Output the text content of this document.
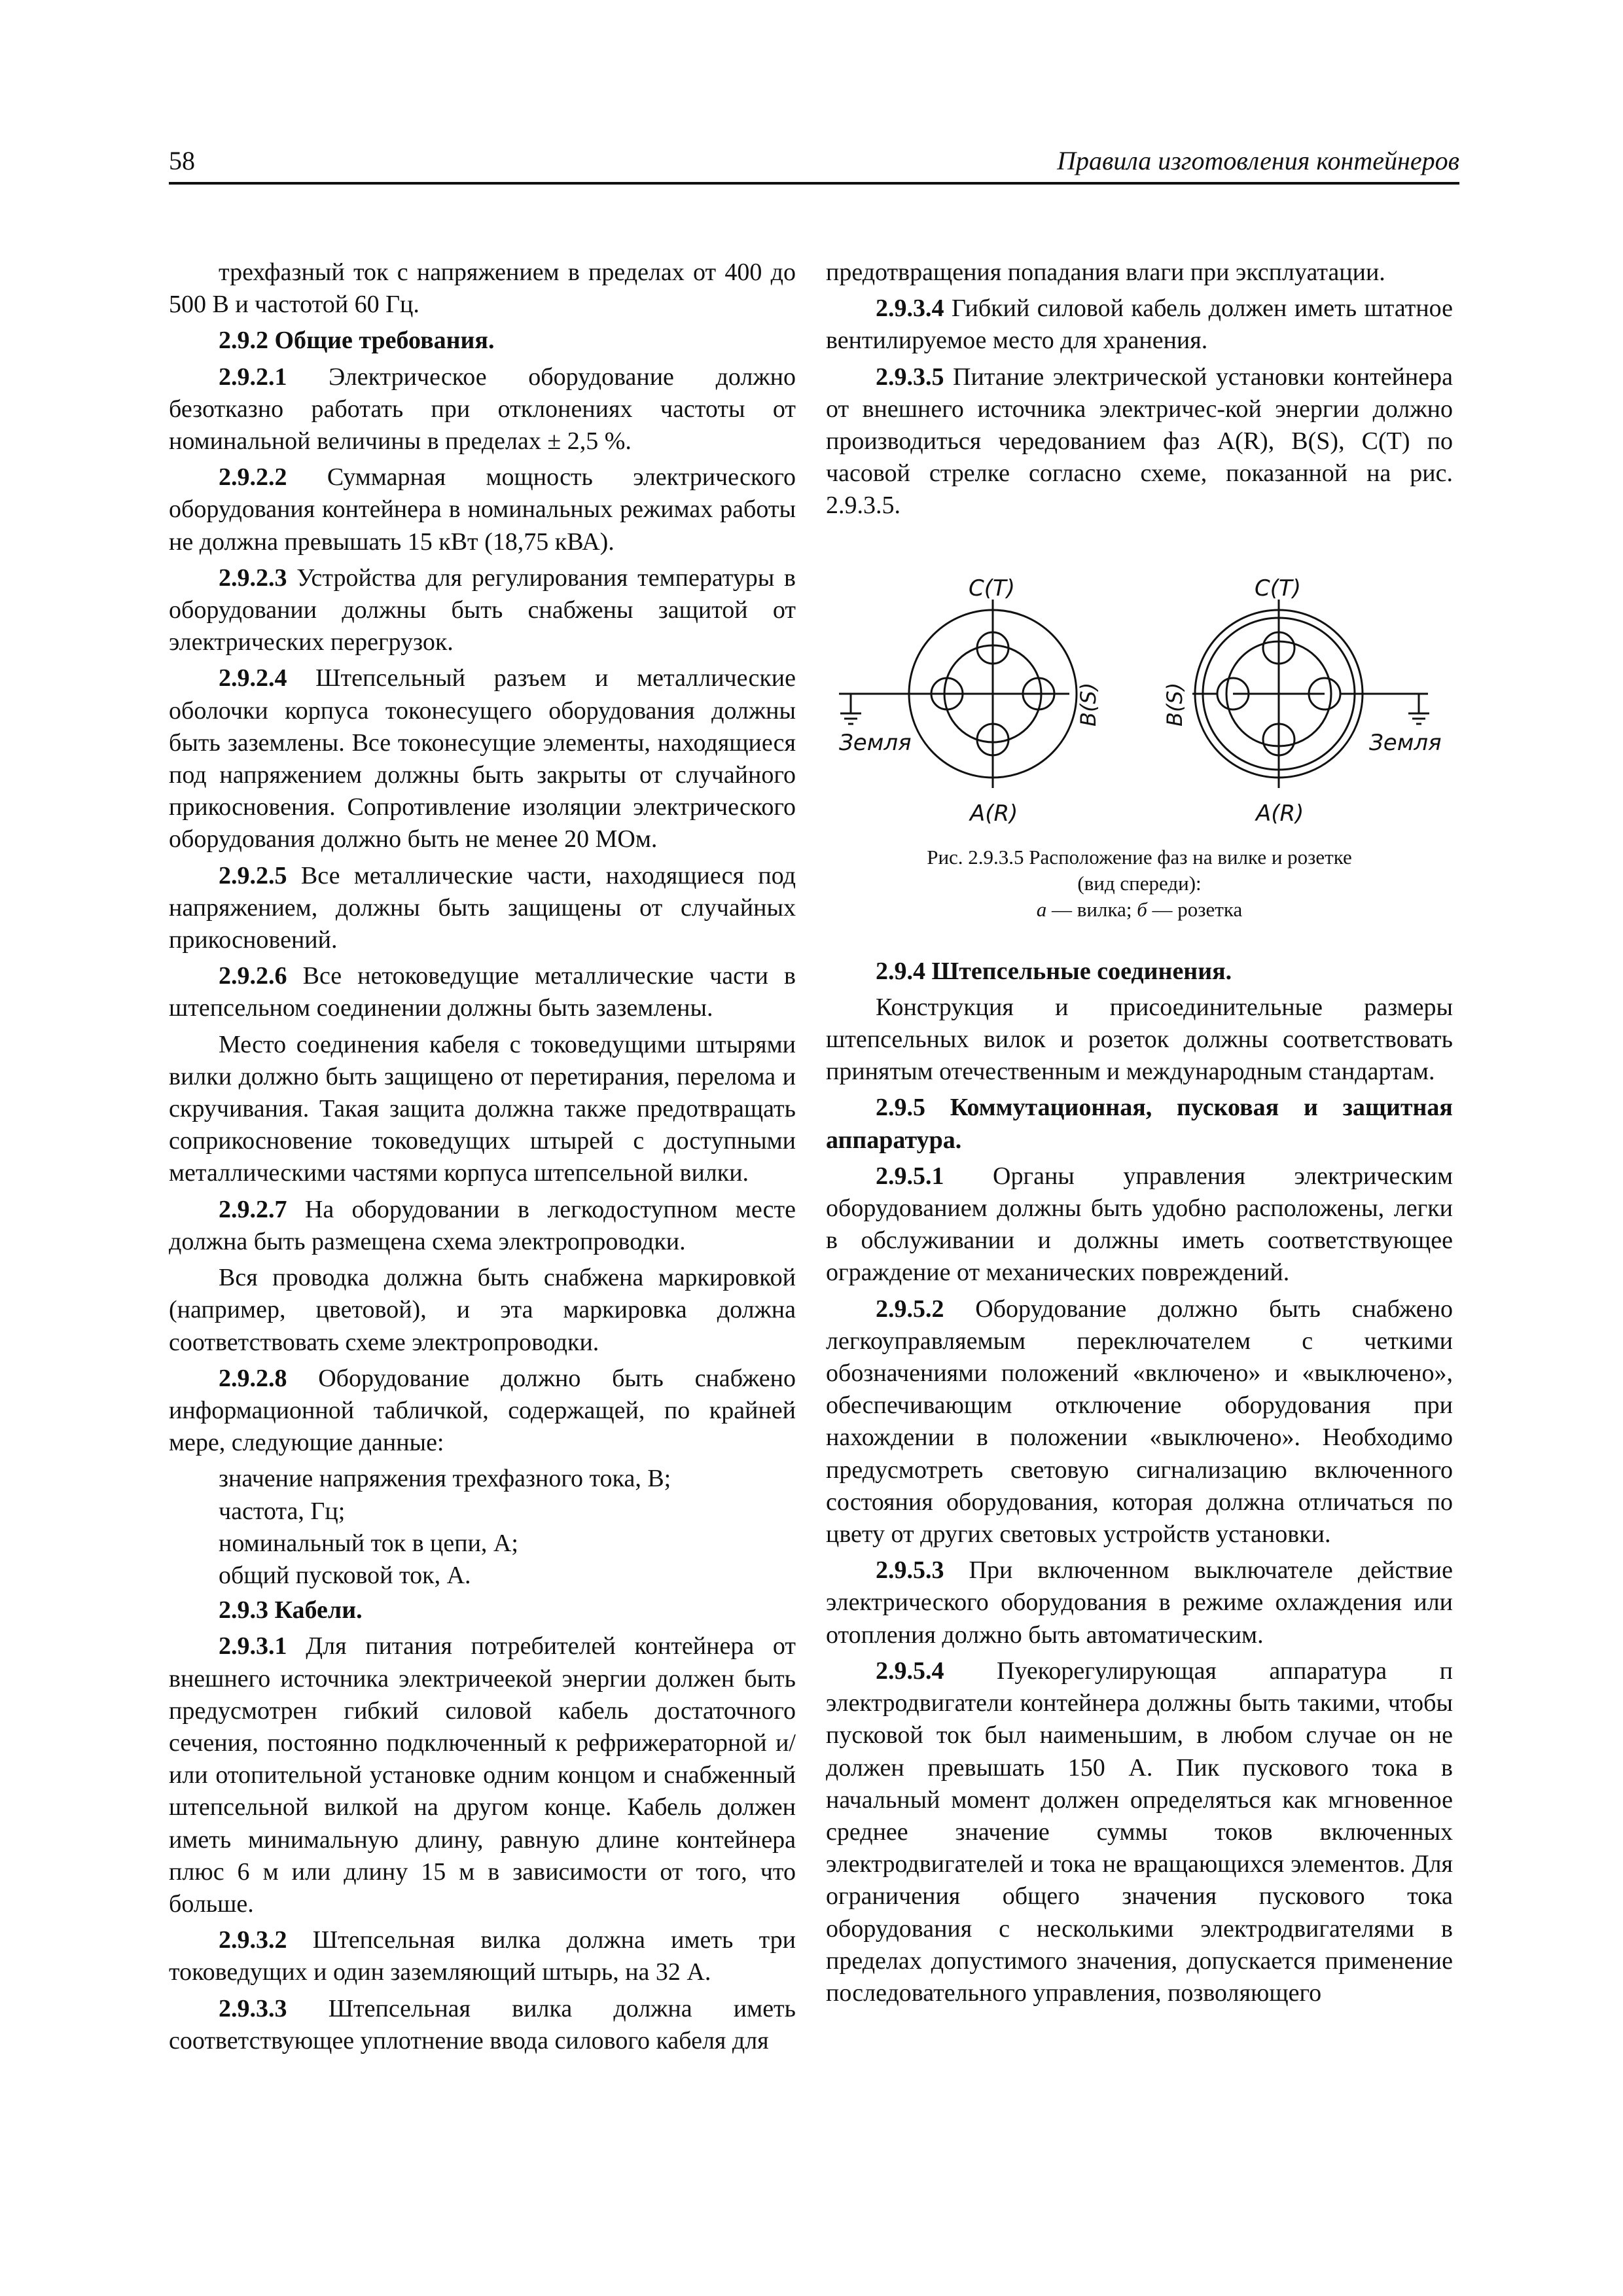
58	Правила изготовления контейнеров

трехфазный ток с напряжением в пределах от 400 до 500 В и частотой 60 Гц.

2.9.2 Общие требования.

2.9.2.1 Электрическое оборудование должно безотказно работать при отклонениях частоты от номинальной величины в пределах ± 2,5 %.

2.9.2.2 Суммарная мощность электрического оборудования контейнера в номинальных режимах работы не должна превышать 15 кВт (18,75 кВА).

2.9.2.3 Устройства для регулирования температуры в оборудовании должны быть снабжены защитой от электрических перегрузок.

2.9.2.4 Штепсельный разъем и металлические оболочки корпуса токонесущего оборудования должны быть заземлены. Все токонесущие элементы, находящиеся под напряжением должны быть закрыты от случайного прикосновения. Сопротивление изоляции электрического оборудования должно быть не менее 20 МОм.

2.9.2.5 Все металлические части, находящиеся под напряжением, должны быть защищены от случайных прикосновений.

2.9.2.6 Все нетоковедущие металлические части в штепсельном соединении должны быть заземлены.

Место соединения кабеля с токоведущими штырями вилки должно быть защищено от перетирания, перелома и скручивания. Такая защита должна также предотвращать соприкосновение токоведущих штырей с доступными металлическими частями корпуса штепсельной вилки.

2.9.2.7 На оборудовании в легкодоступном месте должна быть размещена схема электропроводки.

Вся проводка должна быть снабжена маркировкой (например, цветовой), и эта маркировка должна соответствовать схеме электропроводки.

2.9.2.8 Оборудование должно быть снабжено информационной табличкой, содержащей, по крайней мере, следующие данные:

значение напряжения трехфазного тока, В;

частота, Гц;

номинальный ток в цепи, А;

общий пусковой ток, А.

2.9.3 Кабели.

2.9.3.1 Для питания потребителей контейнера от внешнего источника электричеекой энергии должен быть предусмотрен гибкий силовой кабель достаточного сечения, постоянно подключенный к рефрижераторной и/или отопительной установке одним концом и снабженный штепсельной вилкой на другом конце. Кабель должен иметь минимальную длину, равную длине контейнера плюс 6 м или длину 15 м в зависимости от того, что больше.

2.9.3.2 Штепсельная вилка должна иметь три токоведущих и один заземляющий штырь, на 32 А.

2.9.3.3 Штепсельная вилка должна иметь соответствующее уплотнение ввода силового кабеля для

предотвращения попадания влаги при эксплуатации.

2.9.3.4 Гибкий силовой кабель должен иметь штатное вентилируемое место для хранения.

2.9.3.5 Питание электрической установки контейнера от внешнего источника электричес-кой энергии должно производиться чередованием фаз A(R), B(S), C(T) по часовой стрелке согласно схеме, показанной на рис. 2.9.3.5.

C(T)	C(T)
A(R)	A(R)
Земля	Земля
B(S)	B(S)
Рис. 2.9.3.5 Расположение фаз на вилке и розетке
(вид спереди):
а — вилка; б — розетка

2.9.4 Штепсельные соединения.

Конструкция и присоединительные размеры штепсельных вилок и розеток должны соответствовать принятым отечественным и международным стандартам.

2.9.5 Коммутационная, пусковая и защитная аппаратура.

2.9.5.1 Органы управления электрическим оборудованием должны быть удобно расположены, легки в обслуживании и должны иметь соответствующее ограждение от механических повреждений.

2.9.5.2 Оборудование должно быть снабжено легкоуправляемым переключателем с четкими обозначениями положений «включено» и «выключено», обеспечивающим отключение оборудования при нахождении в положении «выключено». Необходимо предусмотреть световую сигнализацию включенного состояния оборудования, которая должна отличаться по цвету от других световых устройств установки.

2.9.5.3 При включенном выключателе действие электрического оборудования в режиме охлаждения или отопления должно быть автоматическим.

2.9.5.4 Пуекорегулирующая аппаратура п электродвигатели контейнера должны быть такими, чтобы пусковой ток был наименьшим, в любом случае он не должен превышать 150 А. Пик пускового тока в начальный момент должен определяться как мгновенное среднее значение суммы токов включенных электродвигателей и тока не вращающихся элементов. Для ограничения общего значения пускового тока оборудования с несколькими электродвигателями в пределах допустимого значения, допускается применение последовательного управления, позволяющего
